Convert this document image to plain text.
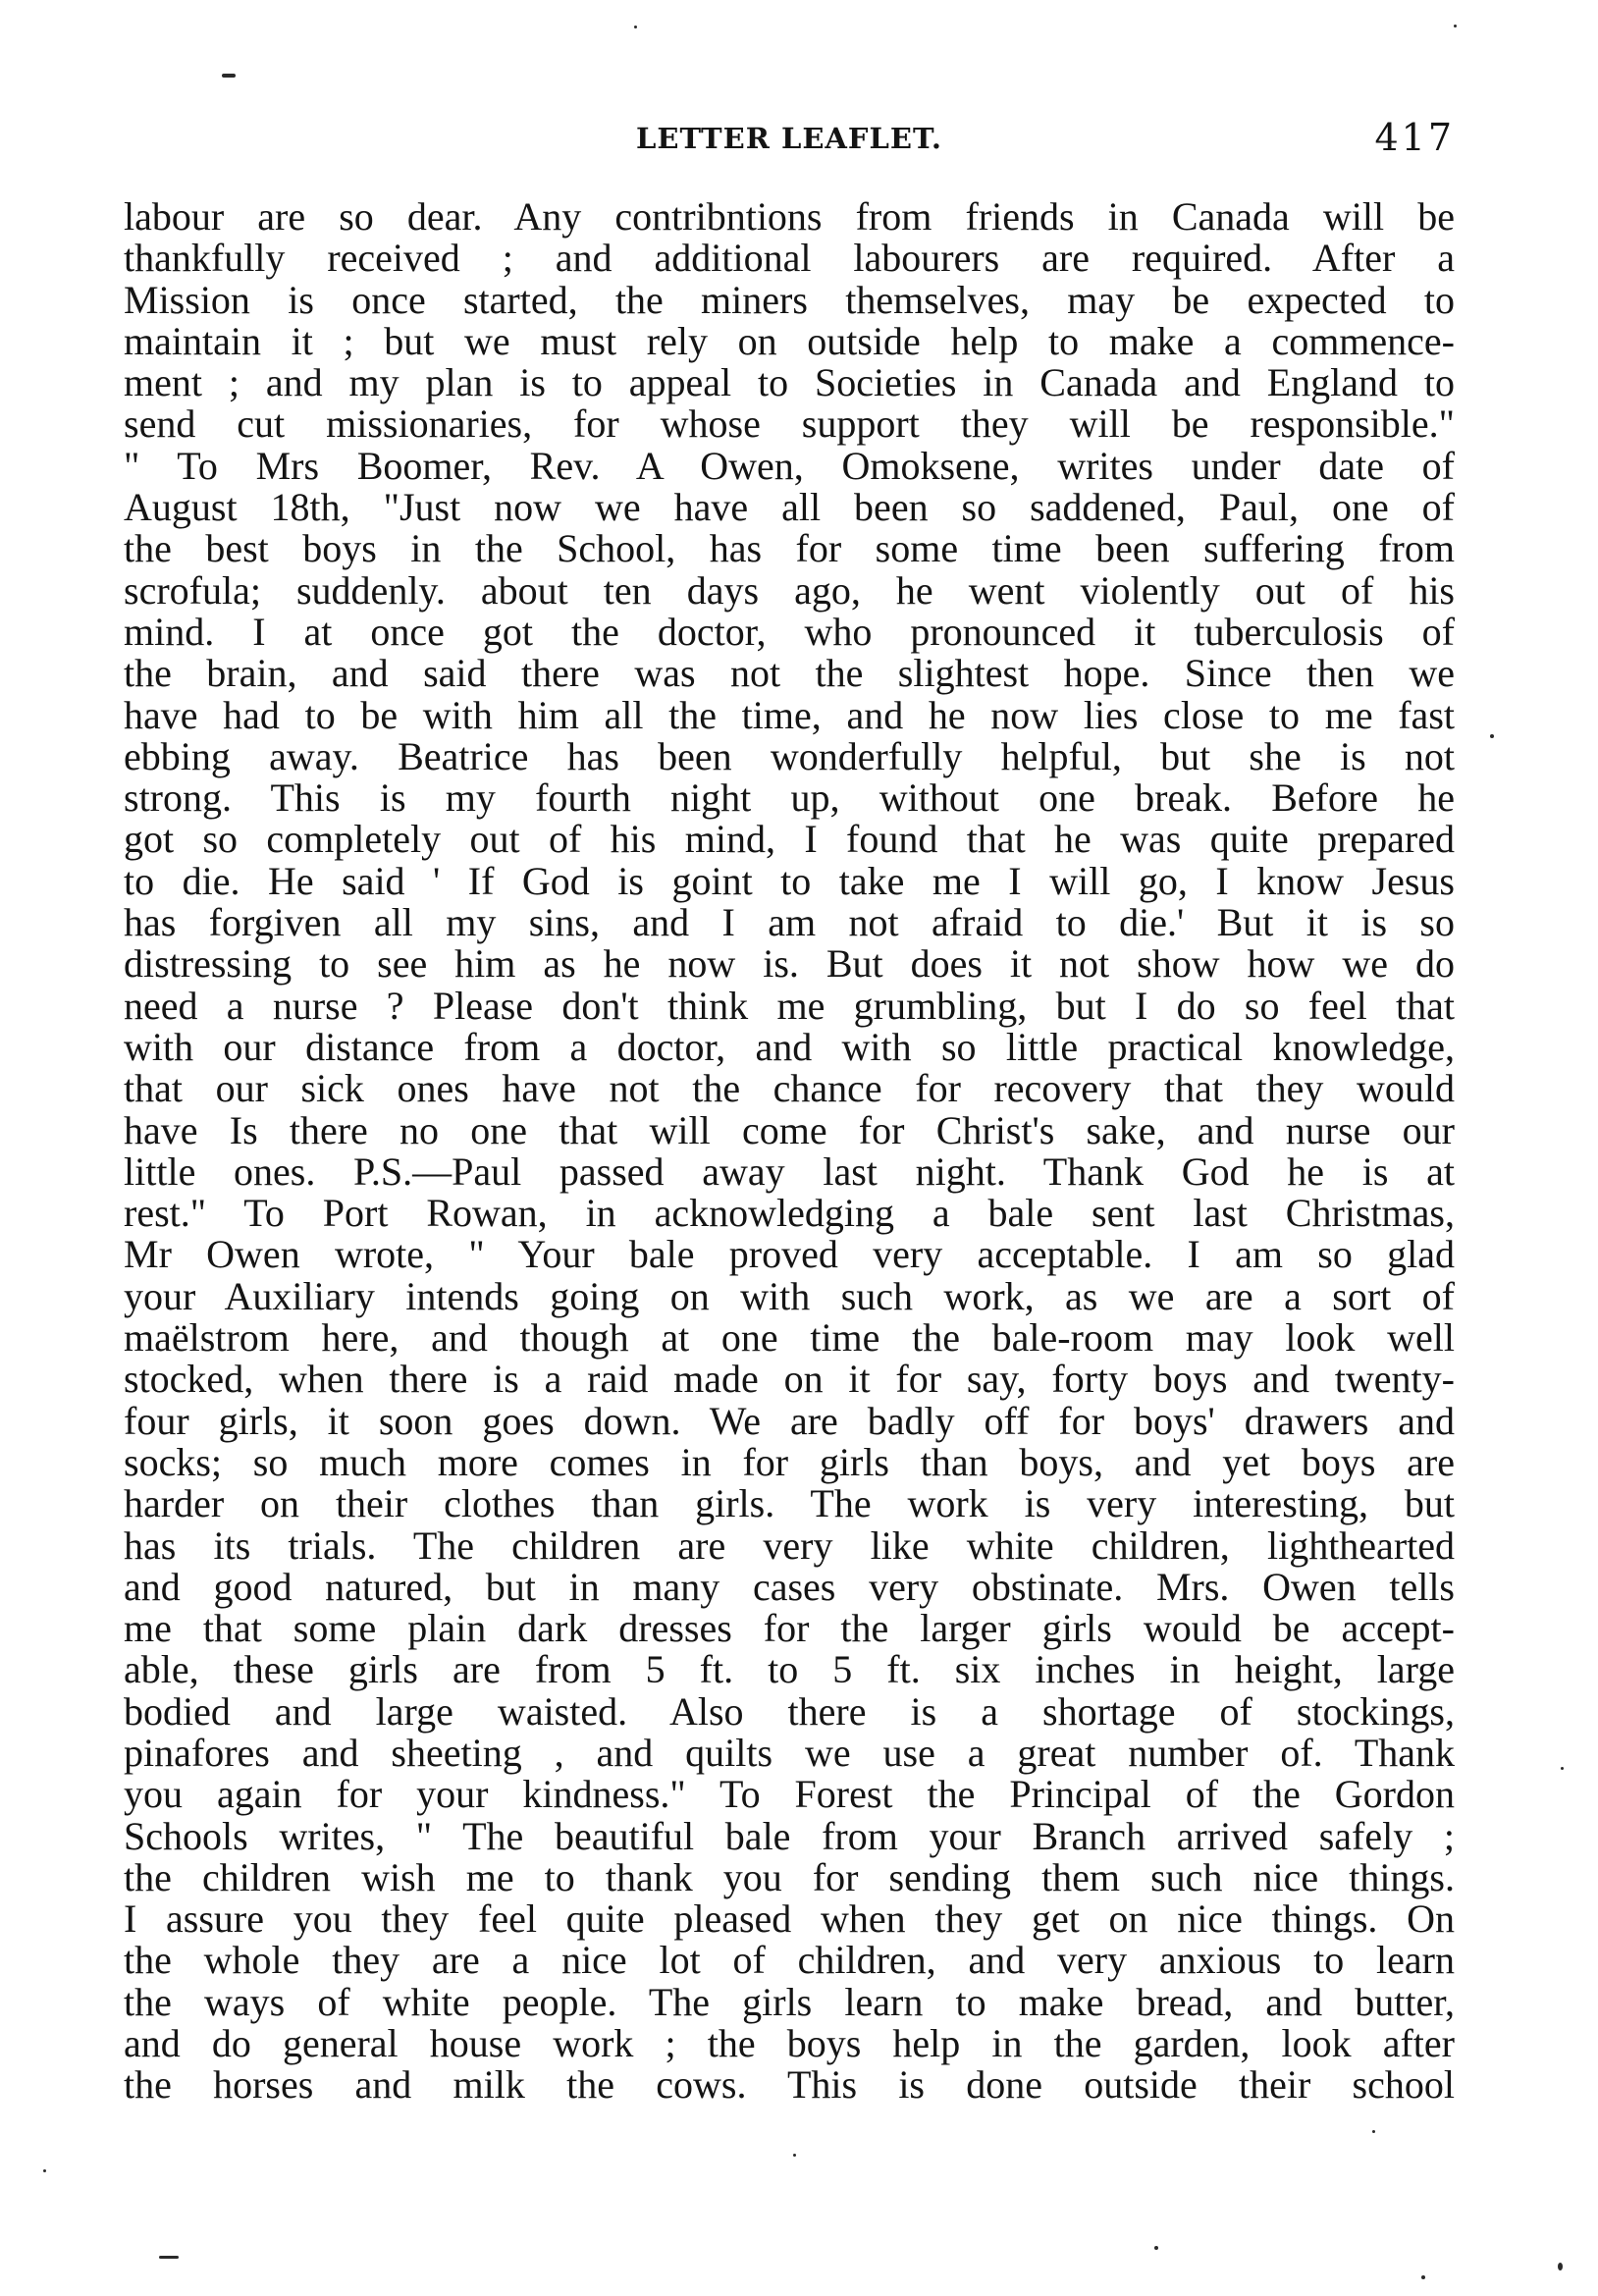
LETTER LEAFLET.	417
labour are so dear. Any contribntions from friends in Canada will be
thankfully received ; and additional labourers are required. After a
Mission is once started, the miners themselves, may be expected to
maintain it ; but we must rely on outside help to make a commence-
ment ; and my plan is to appeal to Societies in Canada and England to
send cut missionaries, for whose support they will be responsible."
" To Mrs Boomer, Rev. A Owen, Omoksene, writes under date of
August 18th, "Just now we have all been so saddened, Paul, one of
the best boys in the School, has for some time been suffering from
scrofula; suddenly. about ten days ago, he went violently out of his
mind. I at once got the doctor, who pronounced it tuberculosis of
the brain, and said there was not the slightest hope. Since then we
have had to be with him all the time, and he now lies close to me fast
ebbing away. Beatrice has been wonderfully helpful, but she is not
strong. This is my fourth night up, without one break. Before he
got so completely out of his mind, I found that he was quite prepared
to die. He said ' If God is goint to take me I will go, I know Jesus
has forgiven all my sins, and I am not afraid to die.' But it is so
distressing to see him as he now is. But does it not show how we do
need a nurse ? Please don't think me grumbling, but I do so feel that
with our distance from a doctor, and with so little practical knowledge,
that our sick ones have not the chance for recovery that they would
have Is there no one that will come for Christ's sake, and nurse our
little ones. P.S.—Paul passed away last night. Thank God he is at
rest." To Port Rowan, in acknowledging a bale sent last Christmas,
Mr Owen wrote, " Your bale proved very acceptable. I am so glad
your Auxiliary intends going on with such work, as we are a sort of
maëlstrom here, and though at one time the bale-room may look well
stocked, when there is a raid made on it for say, forty boys and twenty-
four girls, it soon goes down. We are badly off for boys' drawers and
socks; so much more comes in for girls than boys, and yet boys are
harder on their clothes than girls. The work is very interesting, but
has its trials. The children are very like white children, lighthearted
and good natured, but in many cases very obstinate. Mrs. Owen tells
me that some plain dark dresses for the larger girls would be accept-
able, these girls are from 5 ft. to 5 ft. six inches in height, large
bodied and large waisted. Also there is a shortage of stockings,
pinafores and sheeting , and quilts we use a great number of. Thank
you again for your kindness." To Forest the Principal of the Gordon
Schools writes, " The beautiful bale from your Branch arrived safely ;
the children wish me to thank you for sending them such nice things.
I assure you they feel quite pleased when they get on nice things. On
the whole they are a nice lot of children, and very anxious to learn
the ways of white people. The girls learn to make bread, and butter,
and do general house work ; the boys help in the garden, look after
the horses and milk the cows. This is done outside their school
